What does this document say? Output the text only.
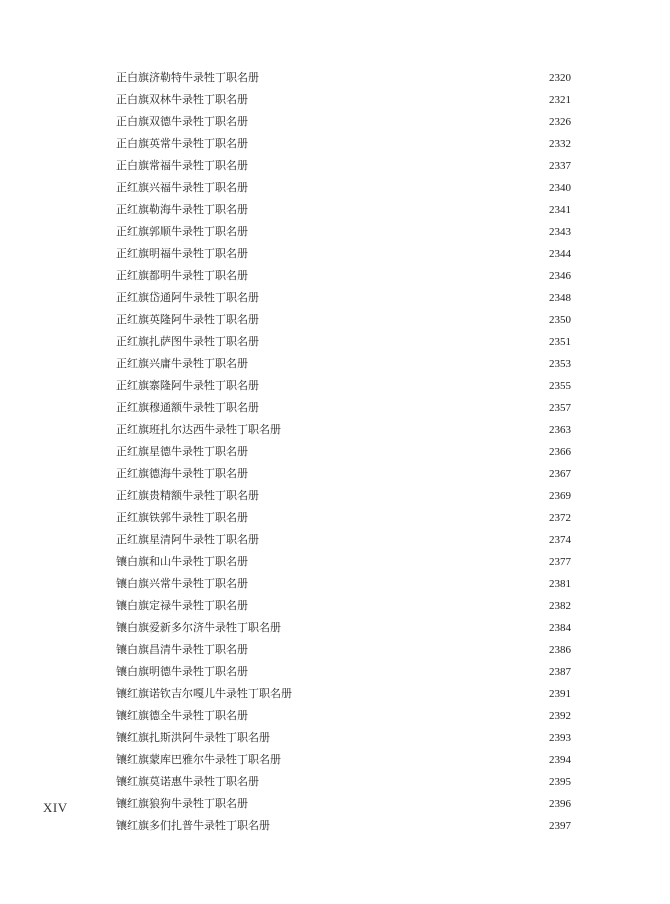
正白旗济勒特牛录牲丁职名册	2320
正白旗双林牛录牲丁职名册	2321
正白旗双德牛录牲丁职名册	2326
正白旗英常牛录牲丁职名册	2332
正白旗常福牛录牲丁职名册	2337
正红旗兴福牛录牲丁职名册	2340
正红旗勒海牛录牲丁职名册	2341
正红旗郭顺牛录牲丁职名册	2343
正红旗明福牛录牲丁职名册	2344
正红旗都明牛录牲丁职名册	2346
正红旗岱通阿牛录牲丁职名册	2348
正红旗英隆阿牛录牲丁职名册	2350
正红旗扎萨图牛录牲丁职名册	2351
正红旗兴庸牛录牲丁职名册	2353
正红旗寨隆阿牛录牲丁职名册	2355
正红旗穆通额牛录牲丁职名册	2357
正红旗班扎尔达西牛录牲丁职名册	2363
正红旗星德牛录牲丁职名册	2366
正红旗德海牛录牲丁职名册	2367
正红旗贵精额牛录牲丁职名册	2369
正红旗铁郭牛录牲丁职名册	2372
正红旗星清阿牛录牲丁职名册	2374
镶白旗和山牛录牲丁职名册	2377
镶白旗兴常牛录牲丁职名册	2381
镶白旗定禄牛录牲丁职名册	2382
镶白旗爱新多尔济牛录牲丁职名册	2384
镶白旗昌清牛录牲丁职名册	2386
镶白旗明德牛录牲丁职名册	2387
镶红旗诺钦吉尔嘎儿牛录牲丁职名册	2391
镶红旗德全牛录牲丁职名册	2392
镶红旗扎斯洪阿牛录牲丁职名册	2393
镶红旗蒙库巴雅尔牛录牲丁职名册	2394
镶红旗莫诺惠牛录牲丁职名册	2395
镶红旗狼狗牛录牲丁职名册	2396
镶红旗多们扎普牛录牲丁职名册	2397
XIV
